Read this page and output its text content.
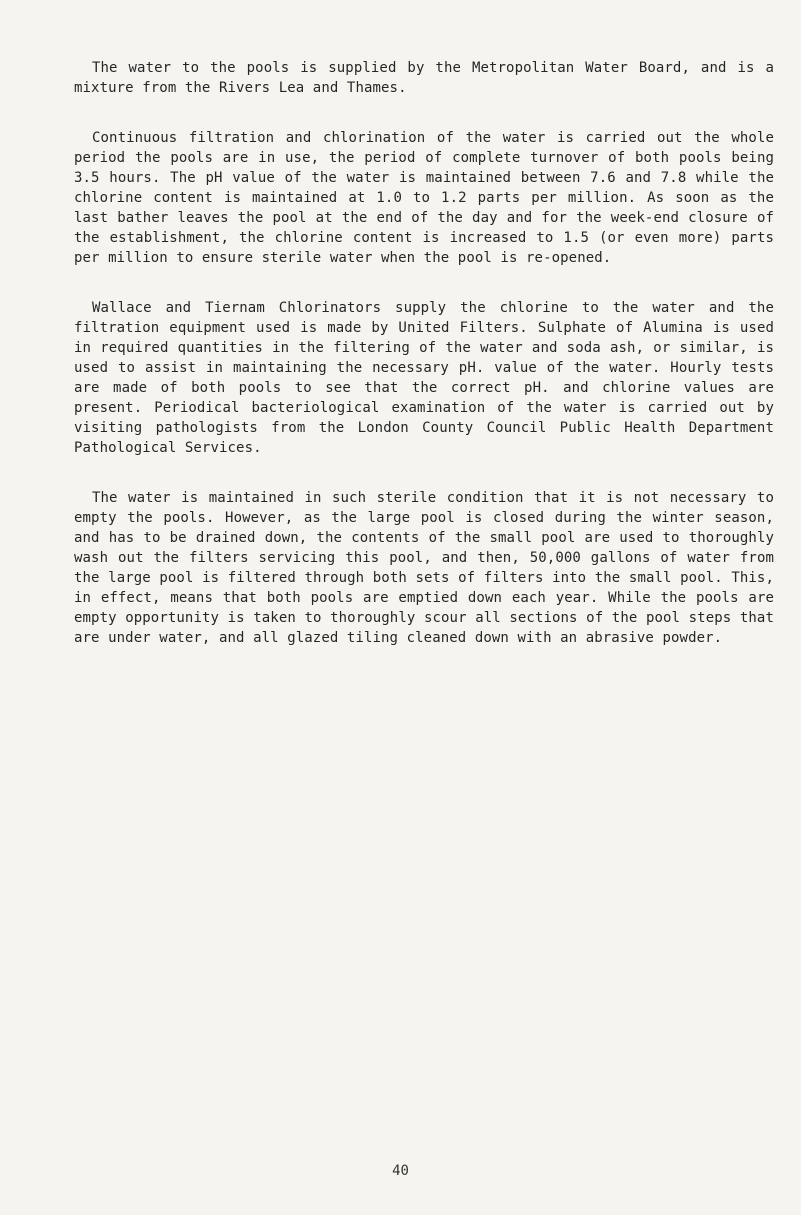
The water to the pools is supplied by the Metropolitan Water Board, and is a mixture from the Rivers Lea and Thames.

Continuous filtration and chlorination of the water is carried out the whole period the pools are in use, the period of complete turnover of both pools being 3.5 hours. The pH value of the water is maintained between 7.6 and 7.8 while the chlorine content is maintained at 1.0 to 1.2 parts per million. As soon as the last bather leaves the pool at the end of the day and for the week-end closure of the establishment, the chlorine content is increased to 1.5 (or even more) parts per million to ensure sterile water when the pool is re-opened.

Wallace and Tiernam Chlorinators supply the chlorine to the water and the filtration equipment used is made by United Filters. Sulphate of Alumina is used in required quantities in the filtering of the water and soda ash, or similar, is used to assist in maintaining the necessary pH. value of the water. Hourly tests are made of both pools to see that the correct pH. and chlorine values are present. Periodical bacteriological examination of the water is carried out by visiting pathologists from the London County Council Public Health Department Pathological Services.

The water is maintained in such sterile condition that it is not necessary to empty the pools. However, as the large pool is closed during the winter season, and has to be drained down, the contents of the small pool are used to thoroughly wash out the filters servicing this pool, and then, 50,000 gallons of water from the large pool is filtered through both sets of filters into the small pool. This, in effect, means that both pools are emptied down each year. While the pools are empty opportunity is taken to thoroughly scour all sections of the pool steps that are under water, and all glazed tiling cleaned down with an abrasive powder.

40
